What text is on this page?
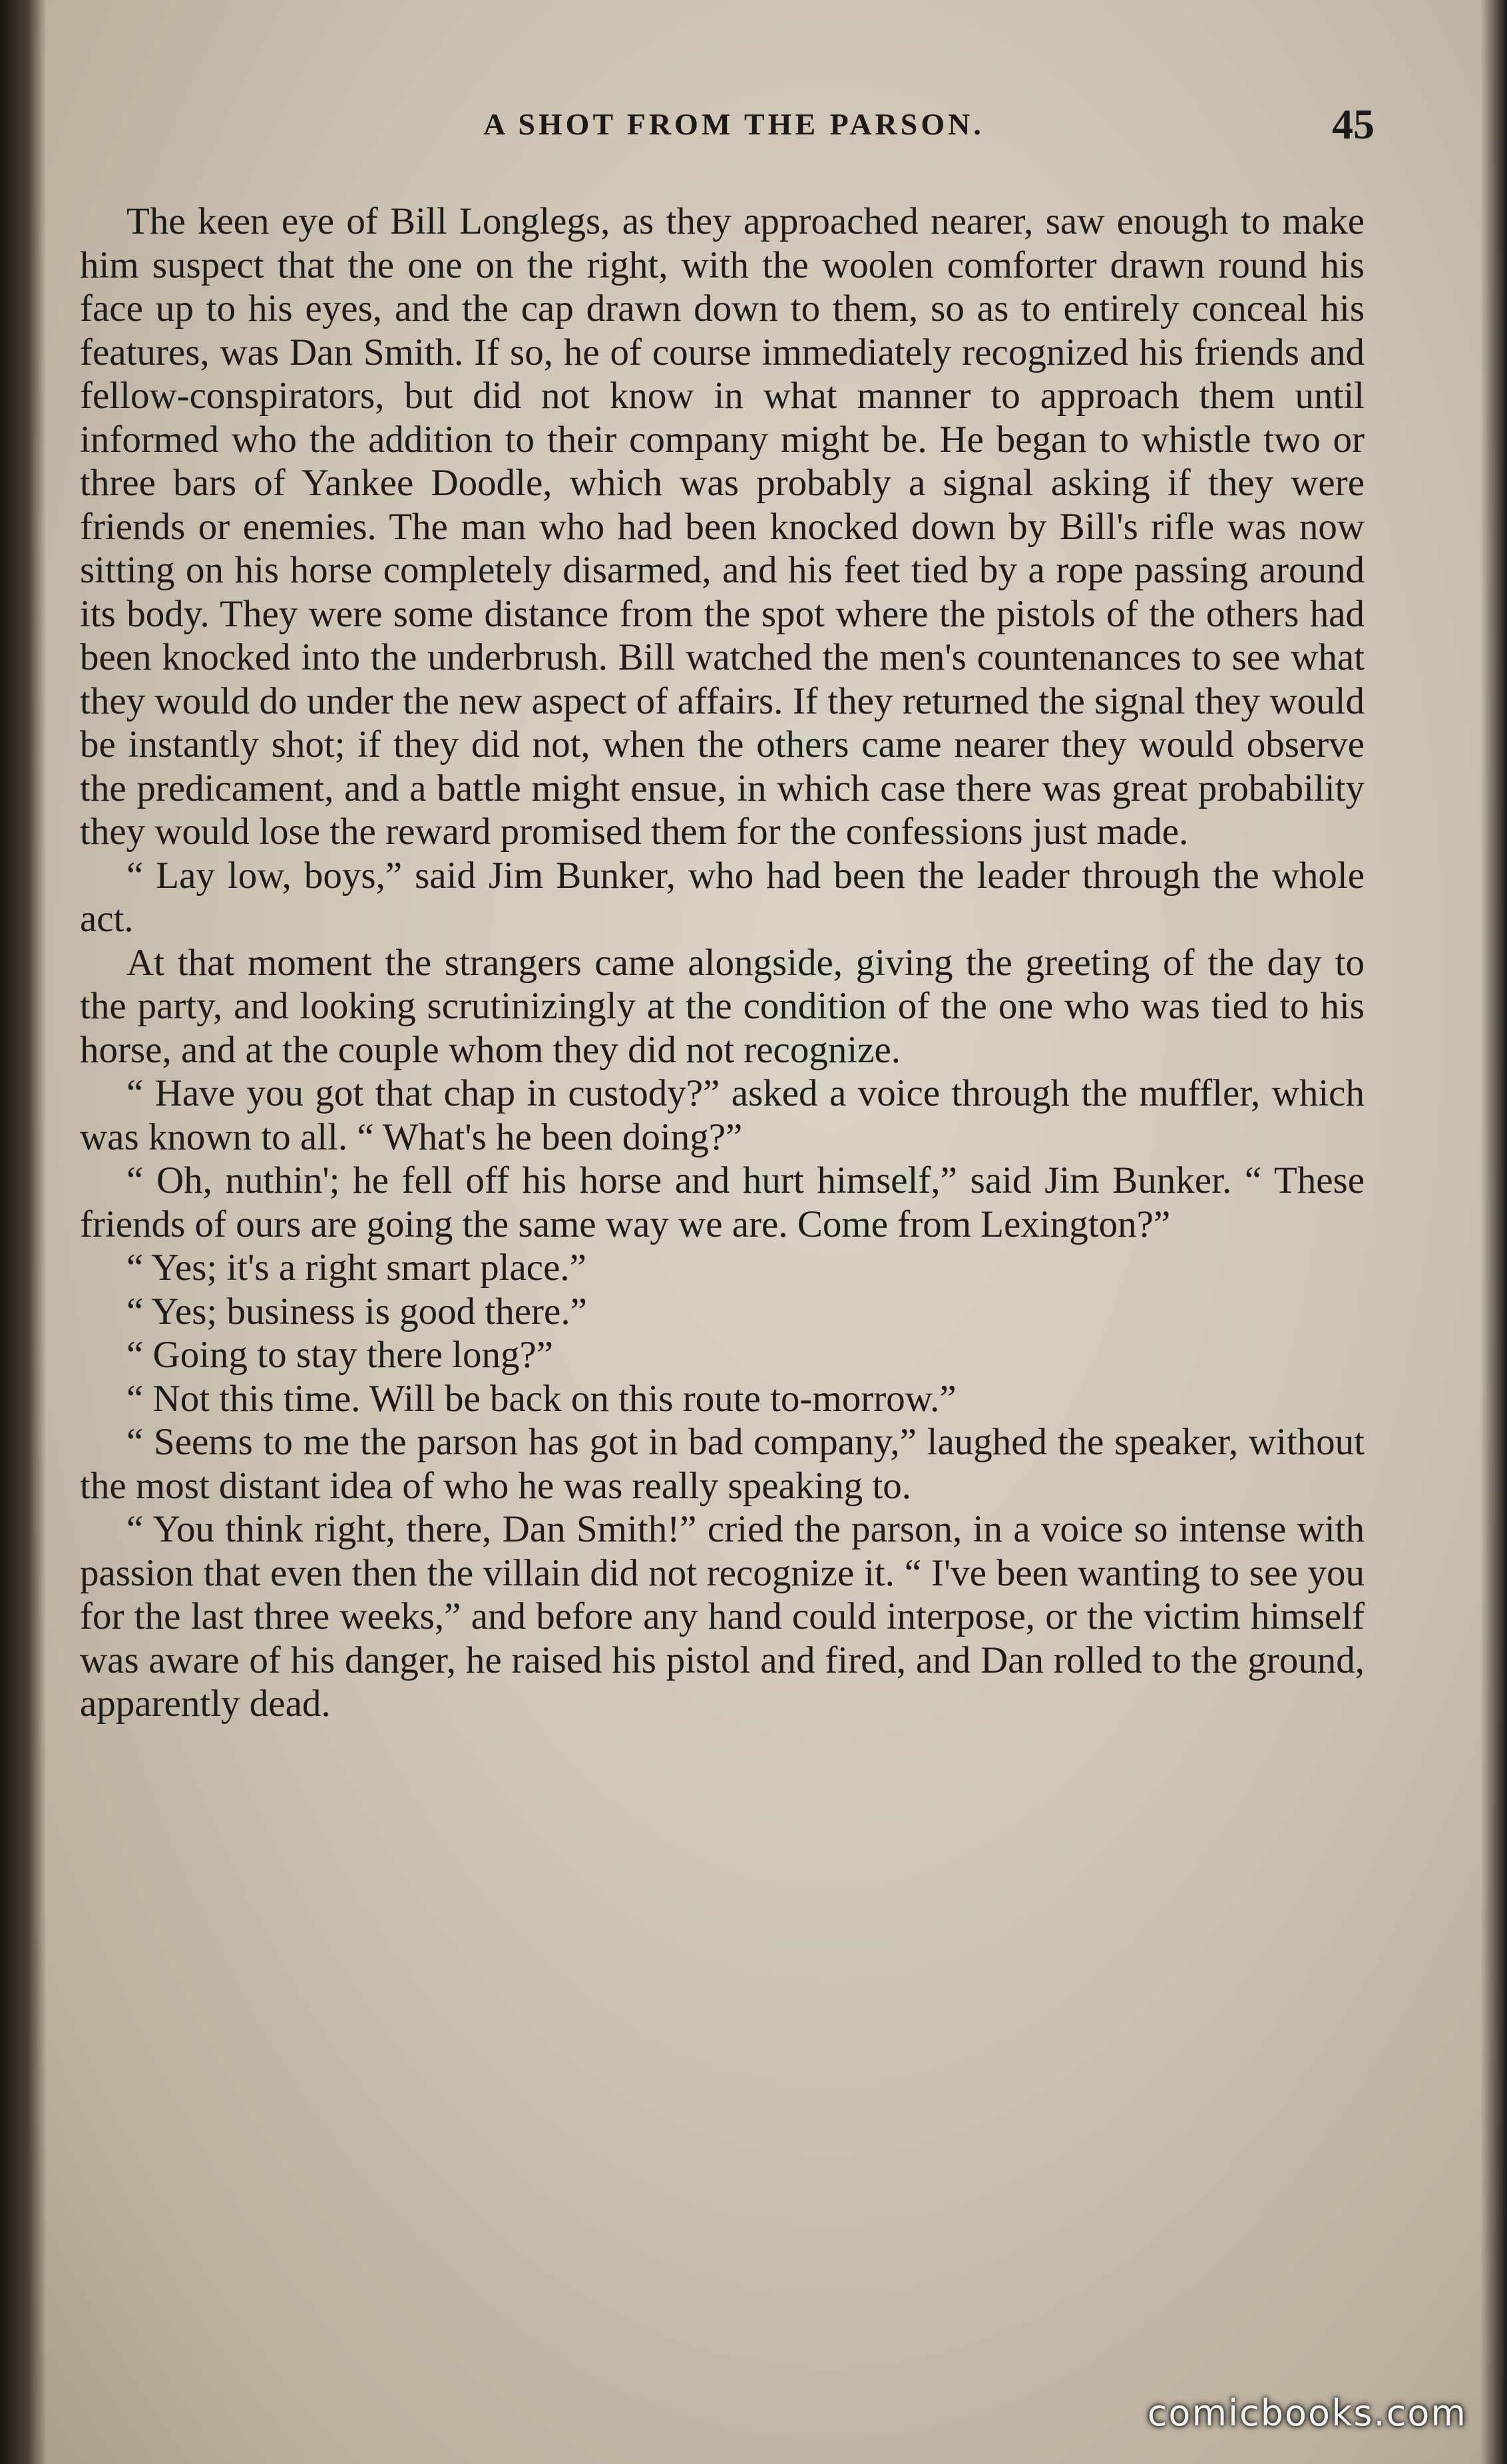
A SHOT FROM THE PARSON.	45

The keen eye of Bill Longlegs, as they approached nearer, saw enough to make him suspect that the one on the right, with the woolen comforter drawn round his face up to his eyes, and the cap drawn down to them, so as to entirely conceal his features, was Dan Smith. If so, he of course immediately recognized his friends and fellow-conspirators, but did not know in what manner to approach them until informed who the addition to their company might be. He began to whistle two or three bars of Yankee Doodle, which was probably a signal asking if they were friends or enemies. The man who had been knocked down by Bill's rifle was now sitting on his horse completely disarmed, and his feet tied by a rope passing around its body. They were some distance from the spot where the pistols of the others had been knocked into the underbrush. Bill watched the men's countenances to see what they would do under the new aspect of affairs. If they returned the signal they would be instantly shot; if they did not, when the others came nearer they would observe the predicament, and a battle might ensue, in which case there was great probability they would lose the reward promised them for the confessions just made.

“ Lay low, boys,” said Jim Bunker, who had been the leader through the whole act.

At that moment the strangers came alongside, giving the greeting of the day to the party, and looking scrutinizingly at the condition of the one who was tied to his horse, and at the couple whom they did not recognize.

“ Have you got that chap in custody?” asked a voice through the muffler, which was known to all. “ What's he been doing?”

“ Oh, nuthin'; he fell off his horse and hurt himself,” said Jim Bunker. “ These friends of ours are going the same way we are. Come from Lexington?”

“ Yes; it's a right smart place.”

“ Yes; business is good there.”

“ Going to stay there long?”

“ Not this time. Will be back on this route to-morrow.”

“ Seems to me the parson has got in bad company,” laughed the speaker, without the most distant idea of who he was really speaking to.

“ You think right, there, Dan Smith!” cried the parson, in a voice so intense with passion that even then the villain did not recognize it. “ I've been wanting to see you for the last three weeks,” and before any hand could interpose, or the victim himself was aware of his danger, he raised his pistol and fired, and Dan rolled to the ground, apparently dead.

comicbooks.com
